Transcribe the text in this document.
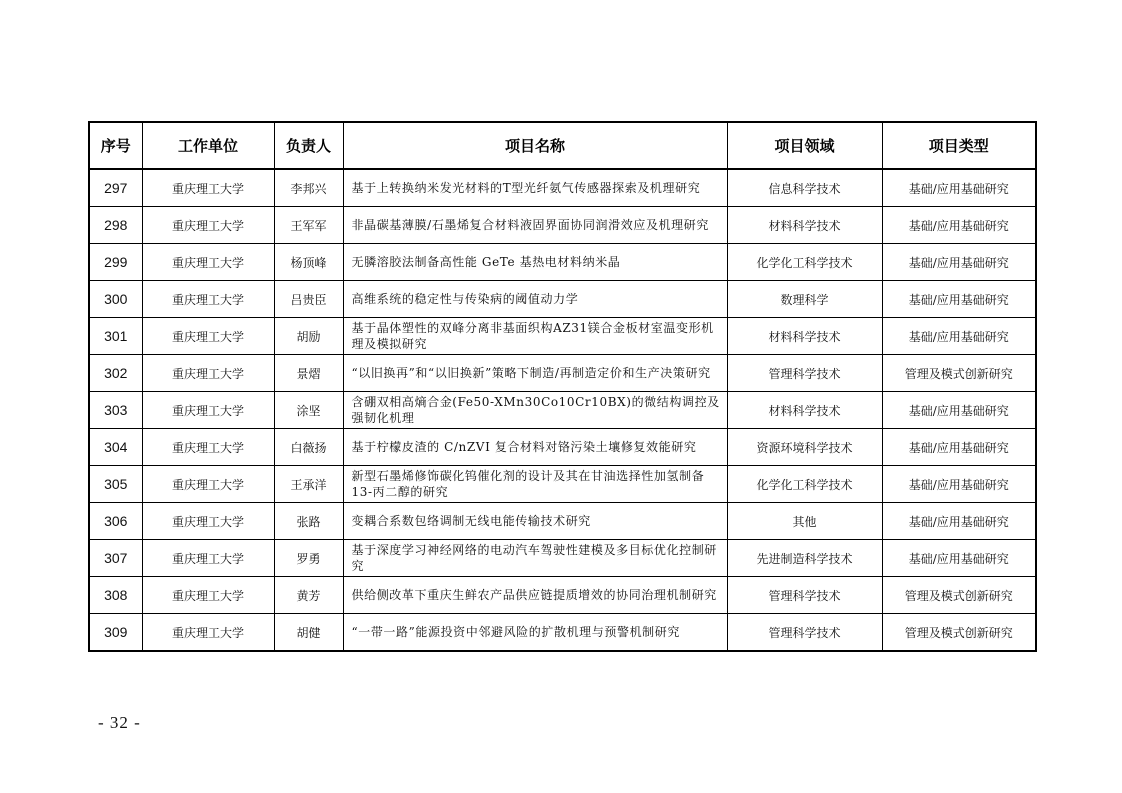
序号	工作单位	负责人	项目名称	项目领域	项目类型
297	重庆理工大学	李邦兴	基于上转换纳米发光材料的T型光纤氨气传感器探索及机理研究	信息科学技术	基础/应用基础研究
298	重庆理工大学	王军军	非晶碳基薄膜/石墨烯复合材料液固界面协同润滑效应及机理研究	材料科学技术	基础/应用基础研究
299	重庆理工大学	杨顶峰	无膦溶胶法制备高性能 GeTe 基热电材料纳米晶	化学化工科学技术	基础/应用基础研究
300	重庆理工大学	吕贵臣	高维系统的稳定性与传染病的阈值动力学	数理科学	基础/应用基础研究
301	重庆理工大学	胡励	基于晶体塑性的双峰分离非基面织构AZ31镁合金板材室温变形机理及模拟研究	材料科学技术	基础/应用基础研究
302	重庆理工大学	景熠	“以旧换再”和“以旧换新”策略下制造/再制造定价和生产决策研究	管理科学技术	管理及模式创新研究
303	重庆理工大学	涂坚	含硼双相高熵合金(Fe50-XMn30Co10Cr10BX)的微结构调控及强韧化机理	材料科学技术	基础/应用基础研究
304	重庆理工大学	白薇扬	基于柠檬皮渣的 C/nZVI 复合材料对铬污染土壤修复效能研究	资源环境科学技术	基础/应用基础研究
305	重庆理工大学	王承洋	新型石墨烯修饰碳化钨催化剂的设计及其在甘油选择性加氢制备 13-丙二醇的研究	化学化工科学技术	基础/应用基础研究
306	重庆理工大学	张路	变耦合系数包络调制无线电能传输技术研究	其他	基础/应用基础研究
307	重庆理工大学	罗勇	基于深度学习神经网络的电动汽车驾驶性建模及多目标优化控制研究	先进制造科学技术	基础/应用基础研究
308	重庆理工大学	黄芳	供给侧改革下重庆生鲜农产品供应链提质增效的协同治理机制研究	管理科学技术	管理及模式创新研究
309	重庆理工大学	胡健	“一带一路”能源投资中邻避风险的扩散机理与预警机制研究	管理科学技术	管理及模式创新研究
- 32 -
